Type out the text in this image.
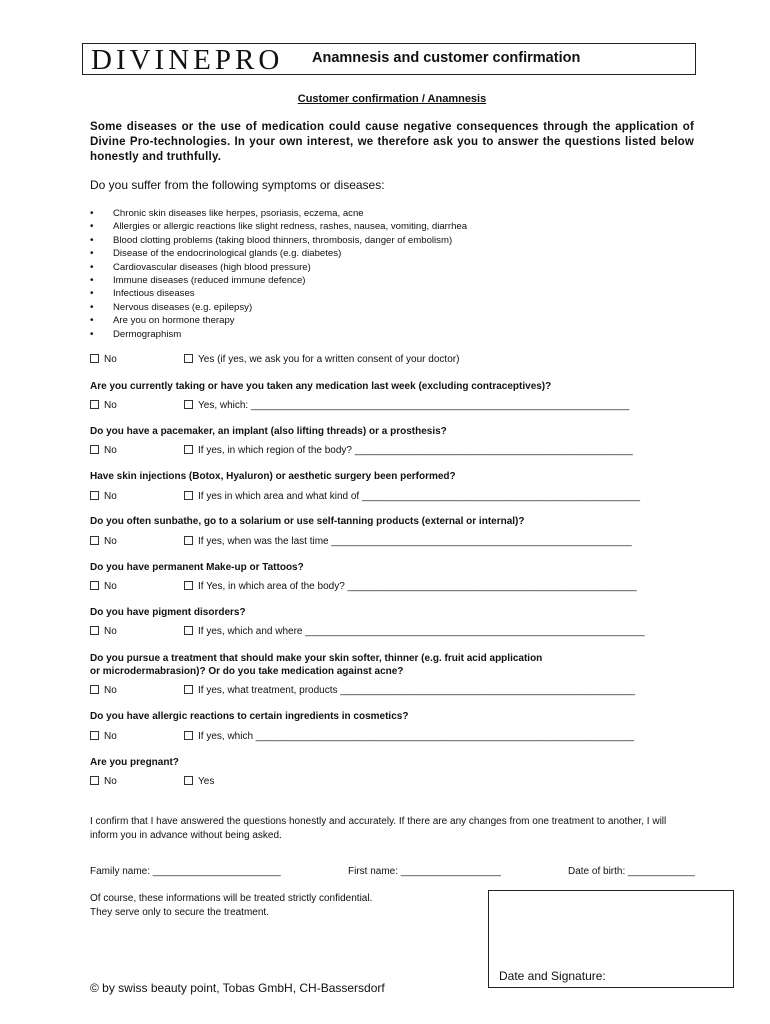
DIVINEPRO Anamnesis and customer confirmation
Customer confirmation / Anamnesis
Some diseases or the use of medication could cause negative consequences through the application of Divine Pro-technologies. In your own interest, we therefore ask you to answer the questions listed below honestly and truthfully.
Do you suffer from the following symptoms or diseases:
• Chronic skin diseases like herpes, psoriasis, eczema, acne
• Allergies or allergic reactions like slight redness, rashes, nausea, vomiting, diarrhea
• Blood clotting problems (taking blood thinners, thrombosis, danger of embolism)
• Disease of the endocrinological glands (e.g. diabetes)
• Cardiovascular diseases (high blood pressure)
• Immune diseases (reduced immune defence)
• Infectious diseases
• Nervous diseases (e.g. epilepsy)
• Are you on hormone therapy
• Dermographism
No	Yes (if yes, we ask you for a written consent of your doctor)
Are you currently taking or have you taken any medication last week (excluding contraceptives)?
No	Yes, which: ____________________________________________________________________
Do you have a pacemaker, an implant (also lifting threads) or a prosthesis?
No	If yes, in which region of the body? __________________________________________________
Have skin injections (Botox, Hyaluron) or aesthetic surgery been performed?
No	If yes in which area and what kind of __________________________________________________
Do you often sunbathe, go to a solarium or use self-tanning products (external or internal)?
No	If yes, when was the last time ______________________________________________________
Do you have permanent Make-up or Tattoos?
No	If Yes, in which area of the body? ____________________________________________________
Do you have pigment disorders?
No	If yes, which and where _____________________________________________________________
Do you pursue a treatment that should make your skin softer, thinner (e.g. fruit acid application
or microdermabrasion)? Or do you take medication against acne?
No	If yes, what treatment, products _____________________________________________________
Do you have allergic reactions to certain ingredients in cosmetics?
No	If yes, which ____________________________________________________________________
Are you pregnant?
No	Yes
I confirm that I have answered the questions honestly and accurately. If there are any changes from one treatment to another, I will inform you in advance without being asked.
Family name: _______________________	First name: __________________	Date of birth: ____________
Of course, these informations will be treated strictly confidential.
They serve only to secure the treatment.
Date and Signature:
© by swiss beauty point, Tobas GmbH, CH-Bassersdorf
